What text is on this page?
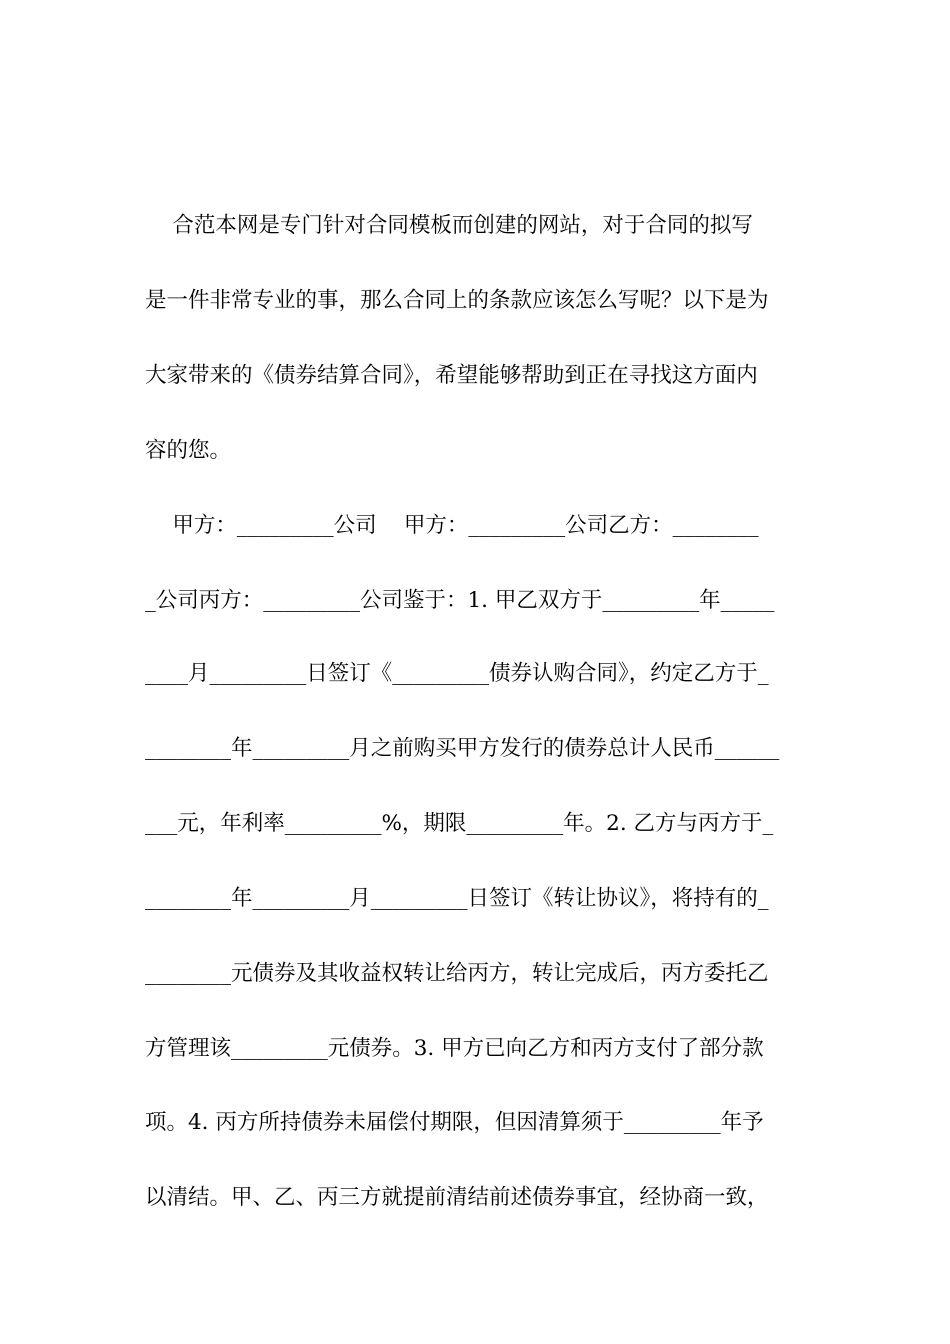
合范本网是专门针对合同模板而创建的网站，对于合同的拟写

是一件非常专业的事，那么合同上的条款应该怎么写呢？以下是为

大家带来的《债券结算合同》，希望能够帮助到正在寻找这方面内

容的您。

甲方：_________公司    甲方：_________公司乙方：________

_公司丙方：_________公司鉴于：1. 甲乙双方于_________年_____

____月_________日签订《_________债券认购合同》，约定乙方于_

________年_________月之前购买甲方发行的债券总计人民币______

___元，年利率_________%，期限_________年。2. 乙方与丙方于_

________年_________月_________日签订《转让协议》，将持有的_

________元债券及其收益权转让给丙方，转让完成后，丙方委托乙

方管理该_________元债券。3. 甲方已向乙方和丙方支付了部分款

项。4. 丙方所持债券未届偿付期限，但因清算须于_________年予

以清结。甲、乙、丙三方就提前清结前述债券事宜，经协商一致，
